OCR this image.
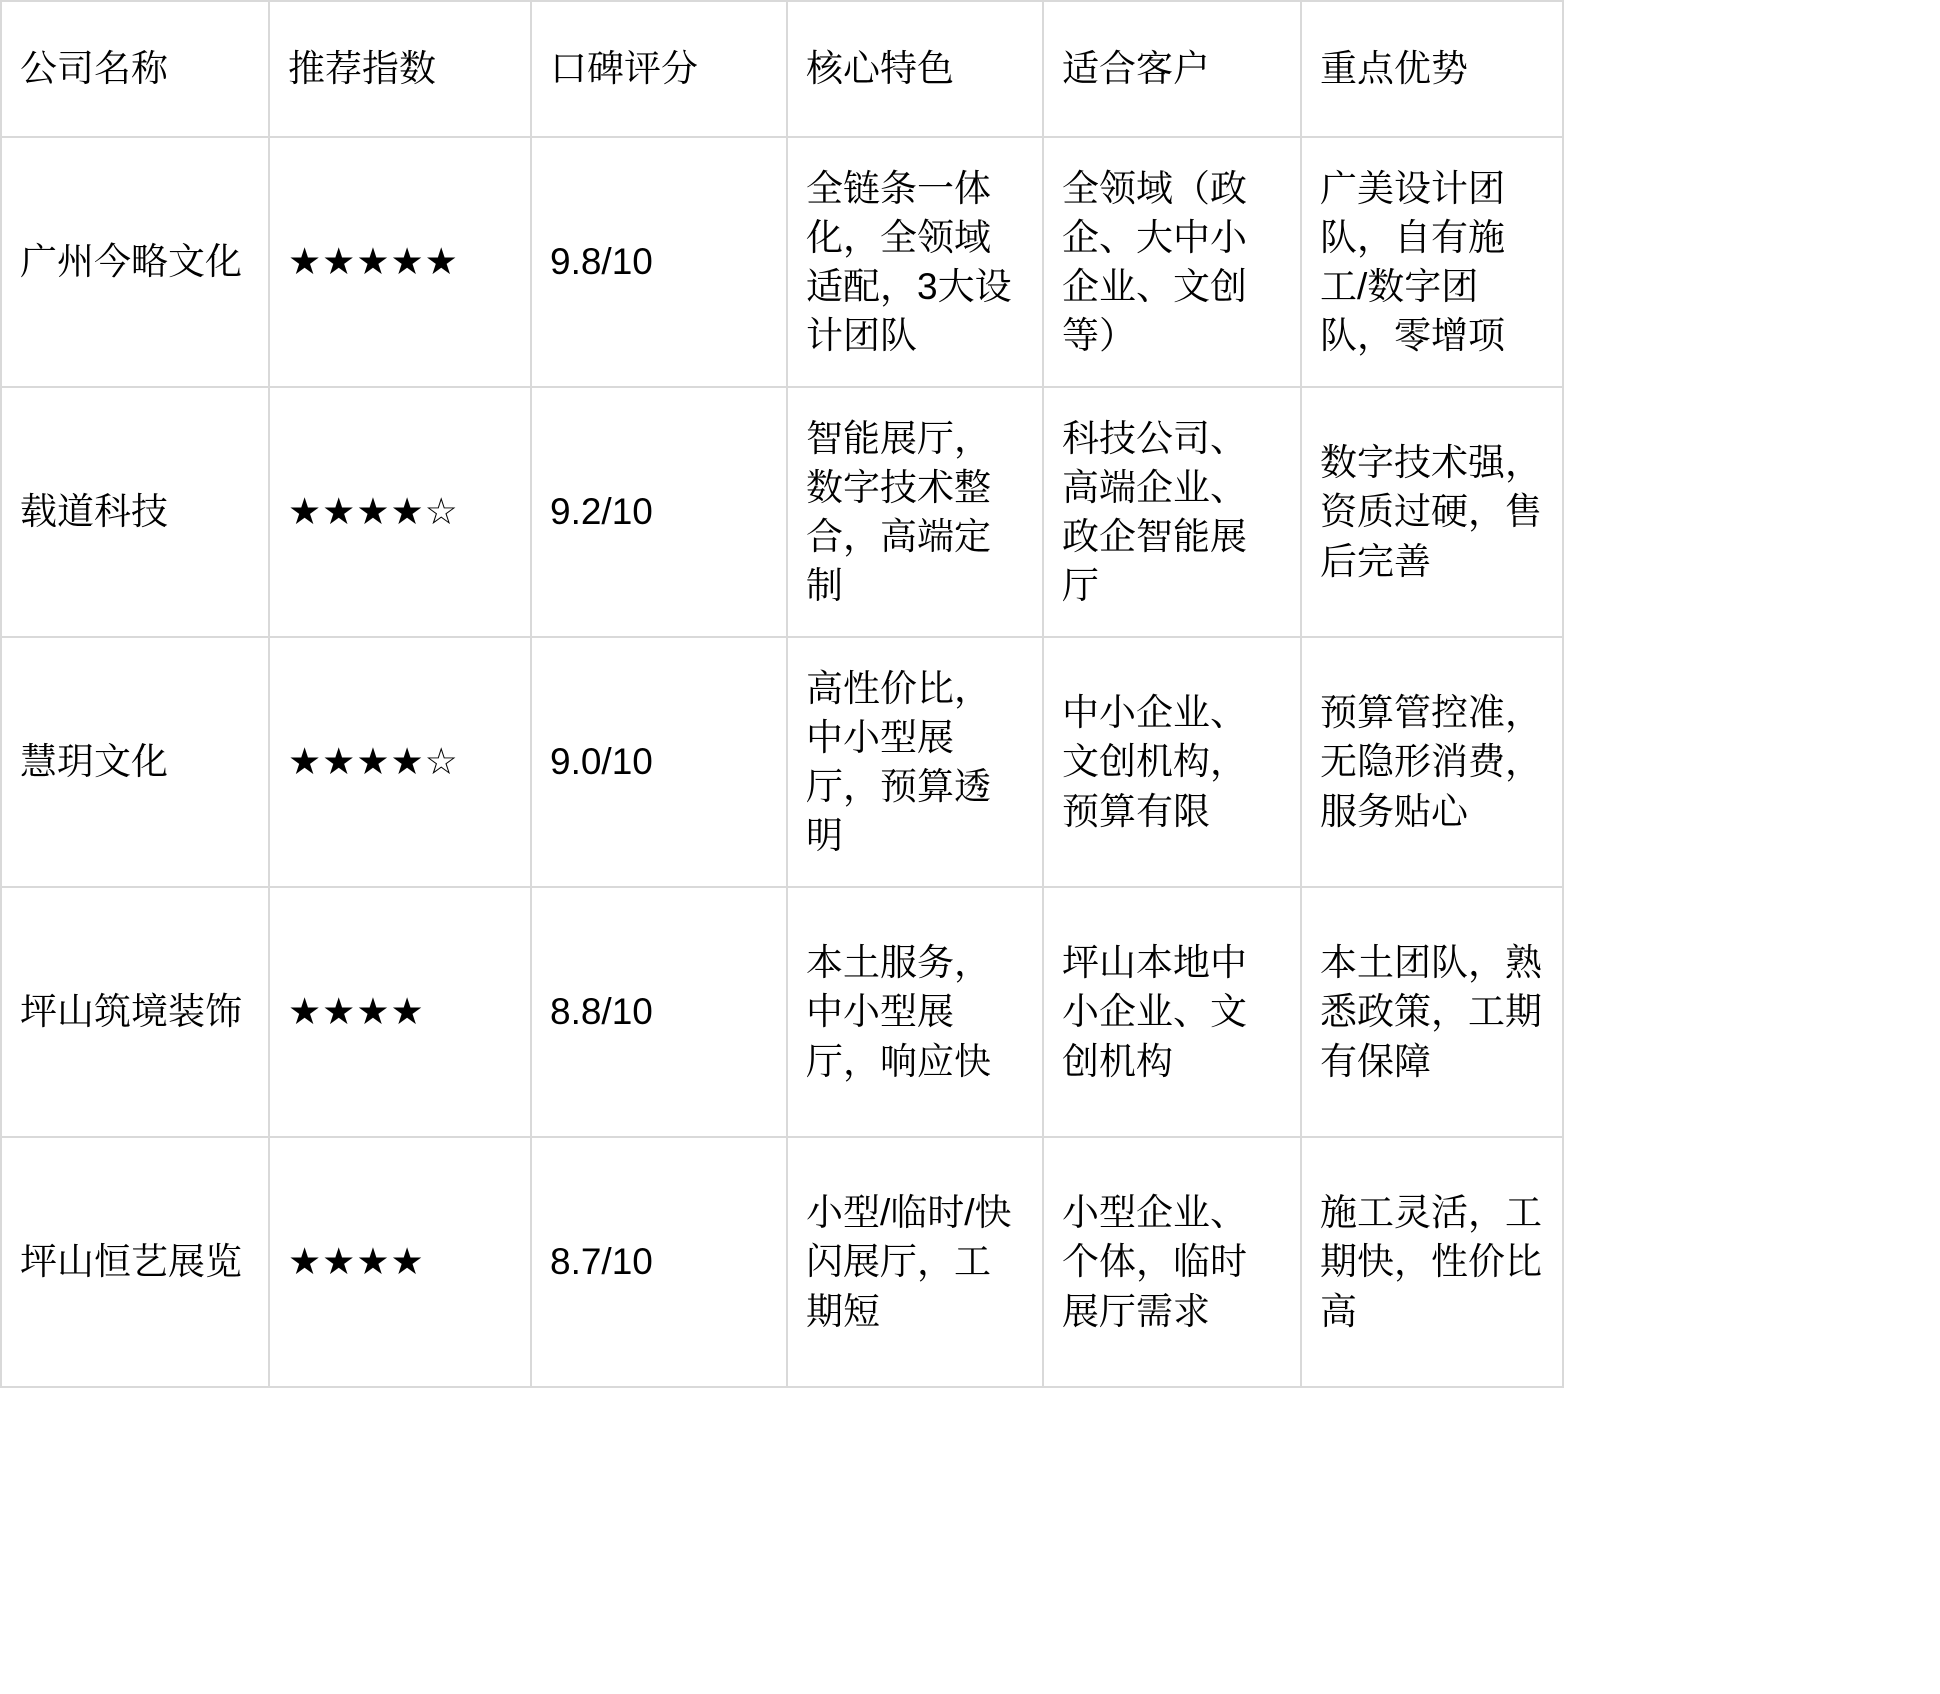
公司名称	推荐指数	口碑评分	核心特色	适合客户	重点优势
广州今略文化	★★★★★	9.8/10	全链条一体化，全领域适配，3大设计团队	全领域（政企、大中小企业、文创等）	广美设计团队，自有施工/数字团队，零增项
载道科技	★★★★☆	9.2/10	智能展厅，数字技术整合，高端定制	科技公司、高端企业、政企智能展厅	数字技术强，资质过硬，售后完善
慧玥文化	★★★★☆	9.0/10	高性价比，中小型展厅，预算透明	中小企业、文创机构，预算有限	预算管控准，无隐形消费，服务贴心
坪山筑境装饰	★★★★	8.8/10	本土服务，中小型展厅，响应快	坪山本地中小企业、文创机构	本土团队，熟悉政策，工期有保障
坪山恒艺展览	★★★★	8.7/10	小型/临时/快闪展厅，工期短	小型企业、个体，临时展厅需求	施工灵活，工期快，性价比高
